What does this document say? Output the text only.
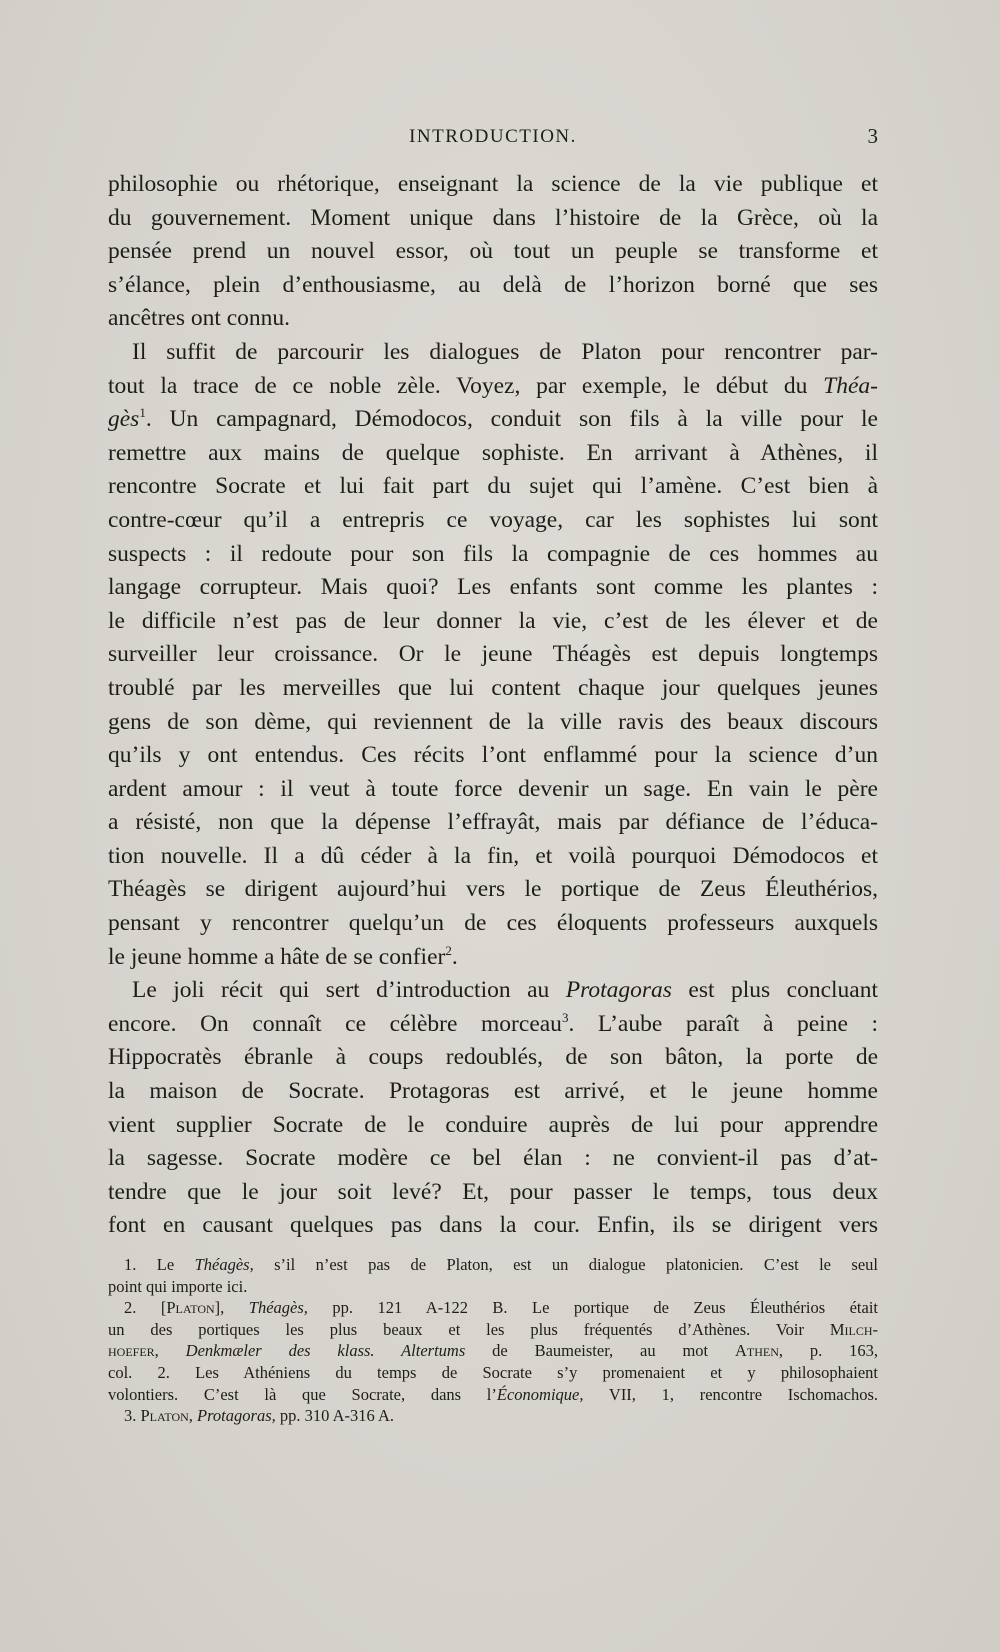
INTRODUCTION.	3
philosophie ou rhétorique, enseignant la science de la vie publique et
du gouvernement. Moment unique dans l’histoire de la Grèce, où la
pensée prend un nouvel essor, où tout un peuple se transforme et
s’élance, plein d’enthousiasme, au delà de l’horizon borné que ses
ancêtres ont connu.
Il suffit de parcourir les dialogues de Platon pour rencontrer par-
tout la trace de ce noble zèle. Voyez, par exemple, le début du Théa-
gès$^1$. Un campagnard, Démodocos, conduit son fils à la ville pour le
remettre aux mains de quelque sophiste. En arrivant à Athènes, il
rencontre Socrate et lui fait part du sujet qui l’amène. C’est bien à
contre-cœur qu’il a entrepris ce voyage, car les sophistes lui sont
suspects : il redoute pour son fils la compagnie de ces hommes au
langage corrupteur. Mais quoi? Les enfants sont comme les plantes :
le difficile n’est pas de leur donner la vie, c’est de les élever et de
surveiller leur croissance. Or le jeune Théagès est depuis longtemps
troublé par les merveilles que lui content chaque jour quelques jeunes
gens de son dème, qui reviennent de la ville ravis des beaux discours
qu’ils y ont entendus. Ces récits l’ont enflammé pour la science d’un
ardent amour : il veut à toute force devenir un sage. En vain le père
a résisté, non que la dépense l’effrayât, mais par défiance de l’éduca-
tion nouvelle. Il a dû céder à la fin, et voilà pourquoi Démodocos et
Théagès se dirigent aujourd’hui vers le portique de Zeus Éleuthérios,
pensant y rencontrer quelqu’un de ces éloquents professeurs auxquels
le jeune homme a hâte de se confier$^2$.
Le joli récit qui sert d’introduction au Protagoras est plus concluant
encore. On connaît ce célèbre morceau$^3$. L’aube paraît à peine :
Hippocratès ébranle à coups redoublés, de son bâton, la porte de
la maison de Socrate. Protagoras est arrivé, et le jeune homme
vient supplier Socrate de le conduire auprès de lui pour apprendre
la sagesse. Socrate modère ce bel élan : ne convient-il pas d’at-
tendre que le jour soit levé? Et, pour passer le temps, tous deux
font en causant quelques pas dans la cour. Enfin, ils se dirigent vers
1. Le Théagès, s’il n’est pas de Platon, est un dialogue platonicien. C’est le seul
point qui importe ici.
2. [Platon], Théagès, pp. 121 A-122 B. Le portique de Zeus Éleuthérios était
un des portiques les plus beaux et les plus fréquentés d’Athènes. Voir Milch-
hoefer, Denkmæler des klass. Altertums de Baumeister, au mot Athen, p. 163,
col. 2. Les Athéniens du temps de Socrate s’y promenaient et y philosophaient
volontiers. C’est là que Socrate, dans l’Économique, VII, 1, rencontre Ischomachos.
3. Platon, Protagoras, pp. 310 A-316 A.
